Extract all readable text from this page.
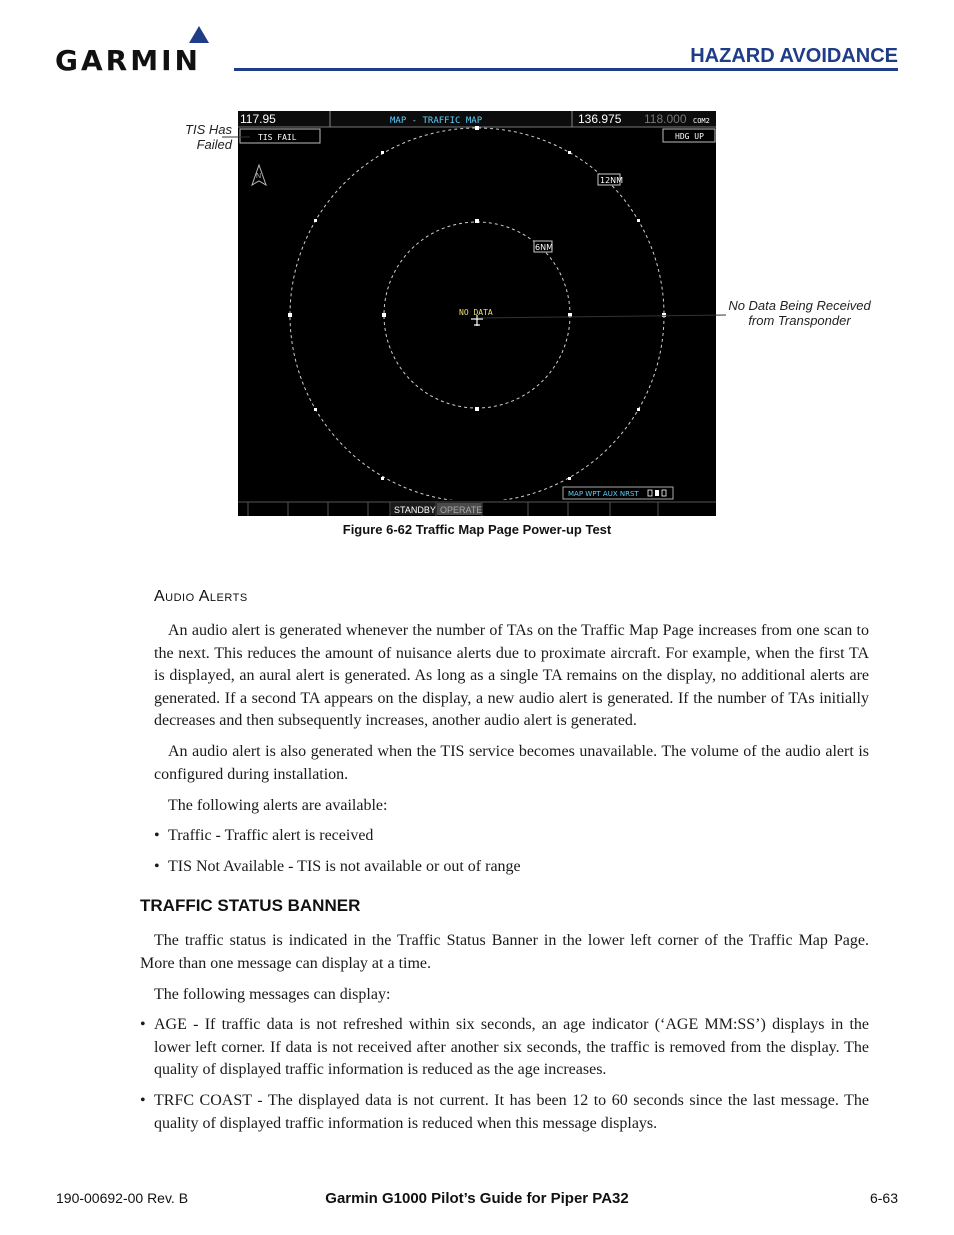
GARMIN	HAZARD AVOIDANCE
117.95	MAP - TRAFFIC MAP	136.975 118.000 COM2
TIS FAIL	HDG UP
N	12NM
6NM
NO DATA
STANDBY OPERATE
MAP WPT AUX NRST
TIS Has Failed
No Data Being Received from Transponder
Figure 6-62 Traffic Map Page Power-up Test
Audio Alerts

An audio alert is generated whenever the number of TAs on the Traffic Map Page increases from one scan to the next. This reduces the amount of nuisance alerts due to proximate aircraft. For example, when the first TA is displayed, an aural alert is generated. As long as a single TA remains on the display, no additional alerts are generated. If a second TA appears on the display, a new audio alert is generated. If the number of TAs initially decreases and then subsequently increases, another audio alert is generated.

An audio alert is also generated when the TIS service becomes unavailable. The volume of the audio alert is configured during installation.

The following alerts are available:

• Traffic - Traffic alert is received

• TIS Not Available - TIS is not available or out of range

TRAFFIC STATUS BANNER

The traffic status is indicated in the Traffic Status Banner in the lower left corner of the Traffic Map Page. More than one message can display at a time.

The following messages can display:

• AGE - If traffic data is not refreshed within six seconds, an age indicator (‘AGE MM:SS’) displays in the lower left corner. If data is not received after another six seconds, the traffic is removed from the display. The quality of displayed traffic information is reduced as the age increases.

• TRFC COAST - The displayed data is not current. It has been 12 to 60 seconds since the last message. The quality of displayed traffic information is reduced when this message displays.

190-00692-00 Rev. B	Garmin G1000 Pilot’s Guide for Piper PA32	6-63
